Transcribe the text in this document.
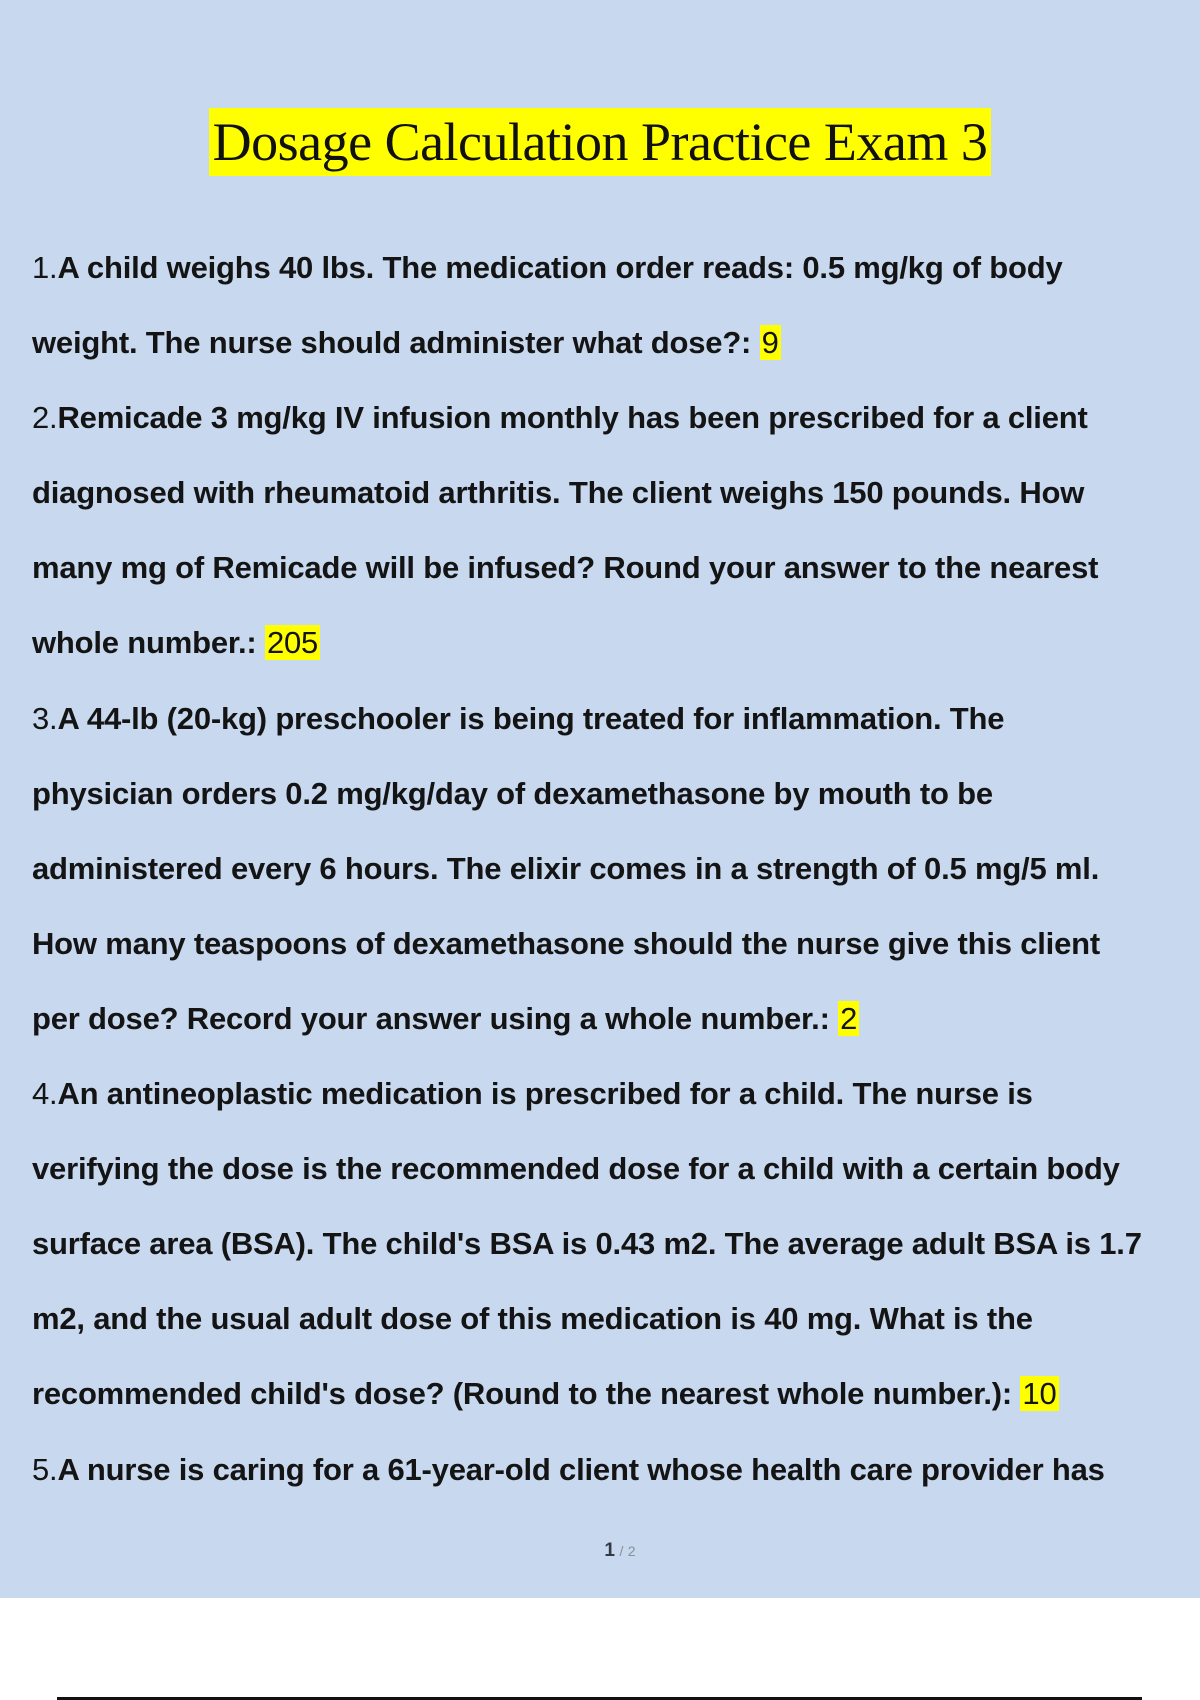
Dosage Calculation Practice Exam 3
1.A child weighs 40 lbs. The medication order reads: 0.5 mg/kg of body
weight. The nurse should administer what dose?: 9
2.Remicade 3 mg/kg IV infusion monthly has been prescribed for a client
diagnosed with rheumatoid arthritis. The client weighs 150 pounds. How
many mg of Remicade will be infused? Round your answer to the nearest
whole number.: 205
3.A 44-lb (20-kg) preschooler is being treated for inflammation. The
physician orders 0.2 mg/kg/day of dexamethasone by mouth to be
administered every 6 hours. The elixir comes in a strength of 0.5 mg/5 ml.
How many teaspoons of dexamethasone should the nurse give this client
per dose? Record your answer using a whole number.: 2
4.An antineoplastic medication is prescribed for a child. The nurse is
verifying the dose is the recommended dose for a child with a certain body
surface area (BSA). The child's BSA is 0.43 m2. The average adult BSA is 1.7
m2, and the usual adult dose of this medication is 40 mg. What is the
recommended child's dose? (Round to the nearest whole number.): 10
5.A nurse is caring for a 61-year-old client whose health care provider has
1 / 2
